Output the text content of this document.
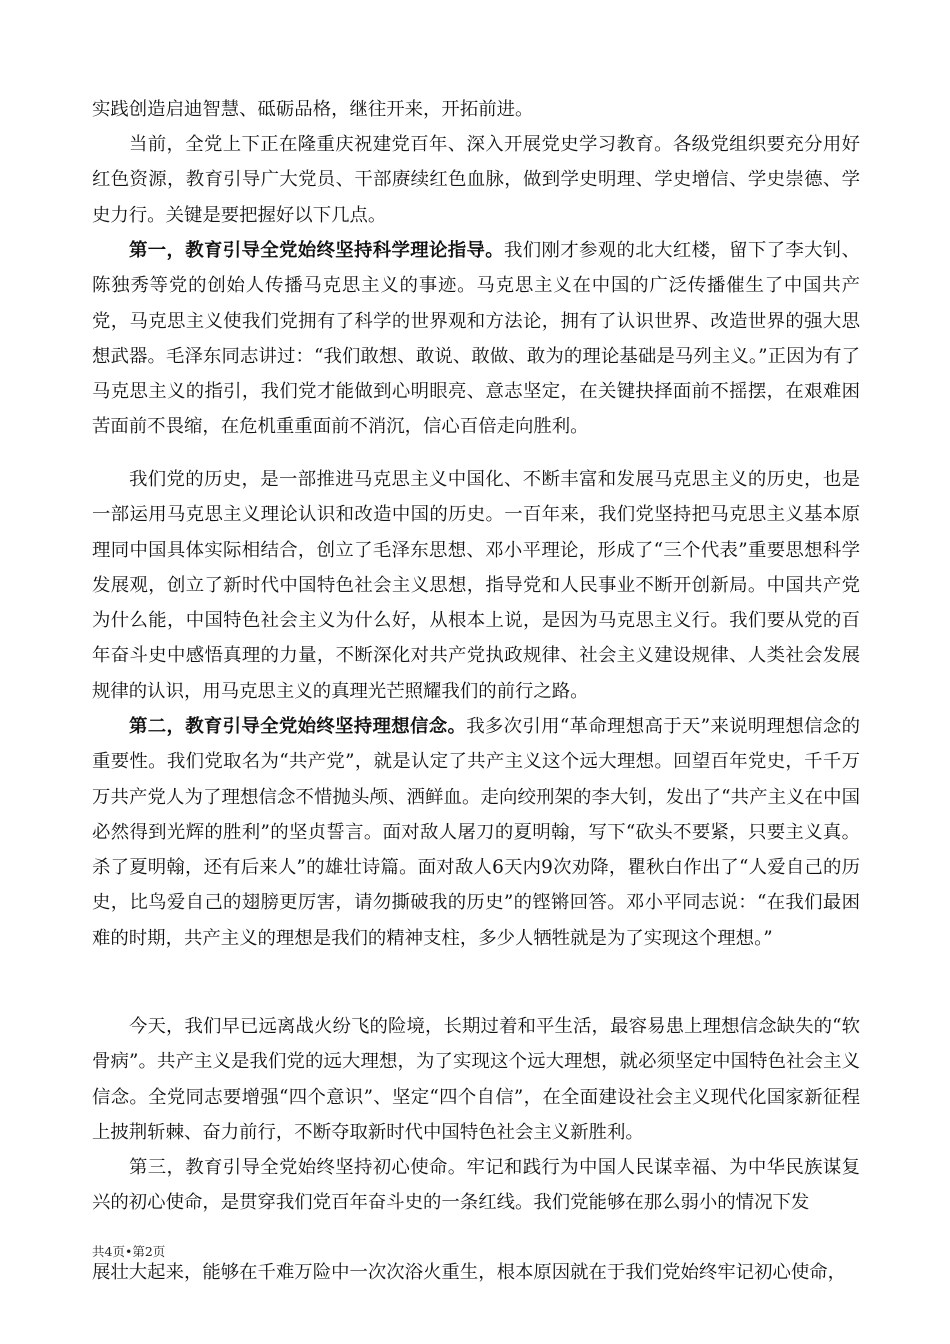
实践创造启迪智慧、砥砺品格，继往开来，开拓前进。

当前，全党上下正在隆重庆祝建党百年、深入开展党史学习教育。各级党组织要充分用好红色资源，教育引导广大党员、干部赓续红色血脉，做到学史明理、学史增信、学史崇德、学史力行。关键是要把握好以下几点。

第一，教育引导全党始终坚持科学理论指导。我们刚才参观的北大红楼，留下了李大钊、陈独秀等党的创始人传播马克思主义的事迹。马克思主义在中国的广泛传播催生了中国共产党，马克思主义使我们党拥有了科学的世界观和方法论，拥有了认识世界、改造世界的强大思想武器。毛泽东同志讲过：“我们敢想、敢说、敢做、敢为的理论基础是马列主义。”正因为有了马克思主义的指引，我们党才能做到心明眼亮、意志坚定，在关键抉择面前不摇摆，在艰难困苦面前不畏缩，在危机重重面前不消沉，信心百倍走向胜利。

我们党的历史，是一部推进马克思主义中国化、不断丰富和发展马克思主义的历史，也是一部运用马克思主义理论认识和改造中国的历史。一百年来，我们党坚持把马克思主义基本原理同中国具体实际相结合，创立了毛泽东思想、邓小平理论，形成了“三个代表”重要思想科学发展观，创立了新时代中国特色社会主义思想，指导党和人民事业不断开创新局。中国共产党为什么能，中国特色社会主义为什么好，从根本上说，是因为马克思主义行。我们要从党的百年奋斗史中感悟真理的力量，不断深化对共产党执政规律、社会主义建设规律、人类社会发展规律的认识，用马克思主义的真理光芒照耀我们的前行之路。

第二，教育引导全党始终坚持理想信念。我多次引用“革命理想高于天”来说明理想信念的重要性。我们党取名为“共产党”，就是认定了共产主义这个远大理想。回望百年党史，千千万万共产党人为了理想信念不惜抛头颅、洒鲜血。走向绞刑架的李大钊，发出了“共产主义在中国必然得到光辉的胜利”的坚贞誓言。面对敌人屠刀的夏明翰，写下“砍头不要紧，只要主义真。杀了夏明翰，还有后来人”的雄壮诗篇。面对敌人6天内9次劝降，瞿秋白作出了“人爱自己的历史，比鸟爱自己的翅膀更厉害，请勿撕破我的历史”的铿锵回答。邓小平同志说：“在我们最困难的时期，共产主义的理想是我们的精神支柱，多少人牺牲就是为了实现这个理想。”

今天，我们早已远离战火纷飞的险境，长期过着和平生活，最容易患上理想信念缺失的“软骨病”。共产主义是我们党的远大理想，为了实现这个远大理想，就必须坚定中国特色社会主义信念。全党同志要增强“四个意识”、坚定“四个自信”，在全面建设社会主义现代化国家新征程上披荆斩棘、奋力前行，不断夺取新时代中国特色社会主义新胜利。

第三，教育引导全党始终坚持初心使命。牢记和践行为中国人民谋幸福、为中华民族谋复兴的初心使命，是贯穿我们党百年奋斗史的一条红线。我们党能够在那么弱小的情况下发

共4页•第2页

展壮大起来，能够在千难万险中一次次浴火重生，根本原因就在于我们党始终牢记初心使命，
